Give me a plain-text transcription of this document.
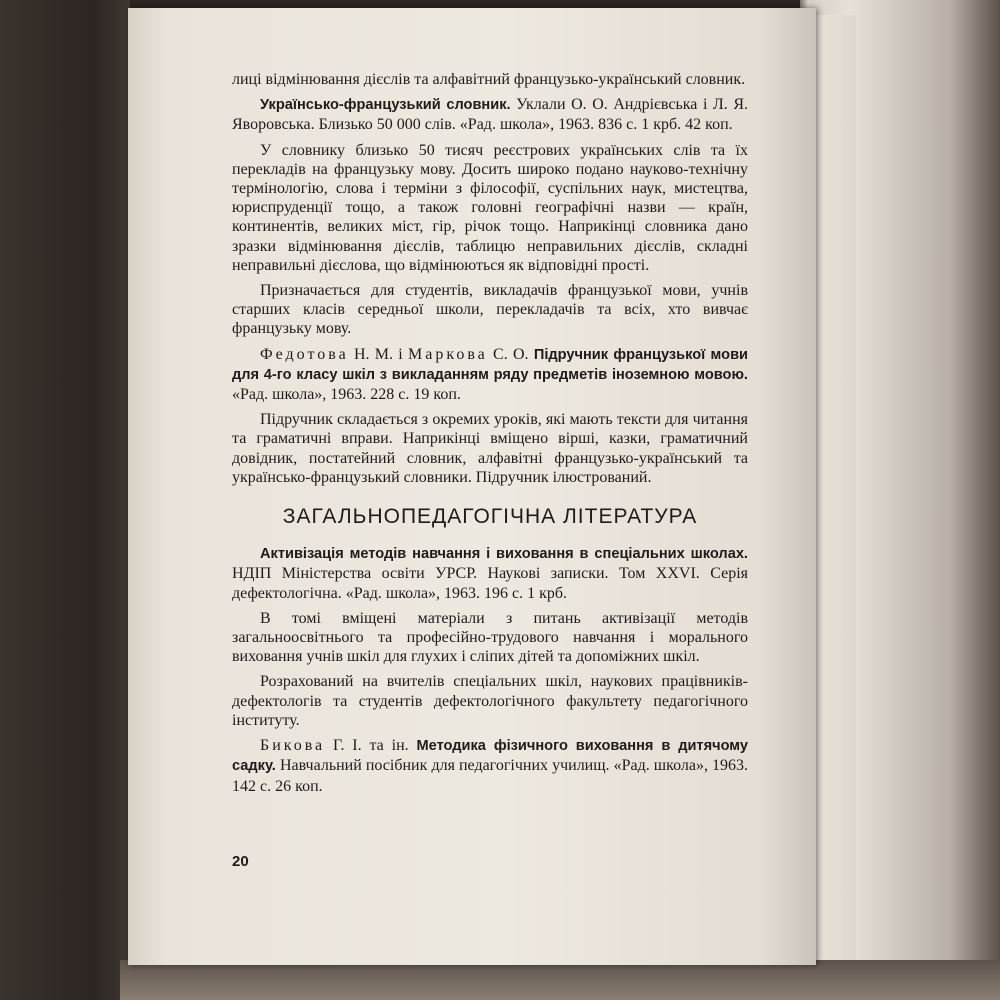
лиці відмінювання дієслів та алфавітний французько-український словник.

Українсько-французький словник. Уклали О. О. Андрієвська і Л. Я. Яворовська. Близько 50 000 слів. «Рад. школа», 1963. 836 с. 1 крб. 42 коп.

У словнику близько 50 тисяч реєстрових українських слів та їх перекладів на французьку мову. Досить широко подано науково-технічну термінологію, слова і терміни з філософії, суспільних наук, мистецтва, юриспруденції тощо, а також головні географічні назви — країн, континентів, великих міст, гір, річок тощо. Наприкінці словника дано зразки відмінювання дієслів, таблицю неправильних дієслів, складні неправильні дієслова, що відмінюються як відповідні прості.

Призначається для студентів, викладачів французької мови, учнів старших класів середньої школи, перекладачів та всіх, хто вивчає французьку мову.

Федотова Н. М. і Маркова С. О. Підручник французької мови для 4-го класу шкіл з викладанням ряду предметів іноземною мовою. «Рад. школа», 1963. 228 с. 19 коп.

Підручник складається з окремих уроків, які мають тексти для читання та граматичні вправи. Наприкінці вміщено вірші, казки, граматичний довідник, постатейний словник, алфавітні французько-український та українсько-французький словники. Підручник ілюстрований.

ЗАГАЛЬНОПЕДАГОГІЧНА ЛІТЕРАТУРА

Активізація методів навчання і виховання в спеціальних школах. НДІП Міністерства освіти УРСР. Наукові записки. Том XXVI. Серія дефектологічна. «Рад. школа», 1963. 196 с. 1 крб.

В томі вміщені матеріали з питань активізації методів загальноосвітнього та професійно-трудового навчання і морального виховання учнів шкіл для глухих і сліпих дітей та допоміжних шкіл.

Розрахований на вчителів спеціальних шкіл, наукових працівників-дефектологів та студентів дефектологічного факультету педагогічного інституту.

Бикова Г. І. та ін. Методика фізичного виховання в дитячому садку. Навчальний посібник для педагогічних училищ. «Рад. школа», 1963. 142 с. 26 коп.

20
